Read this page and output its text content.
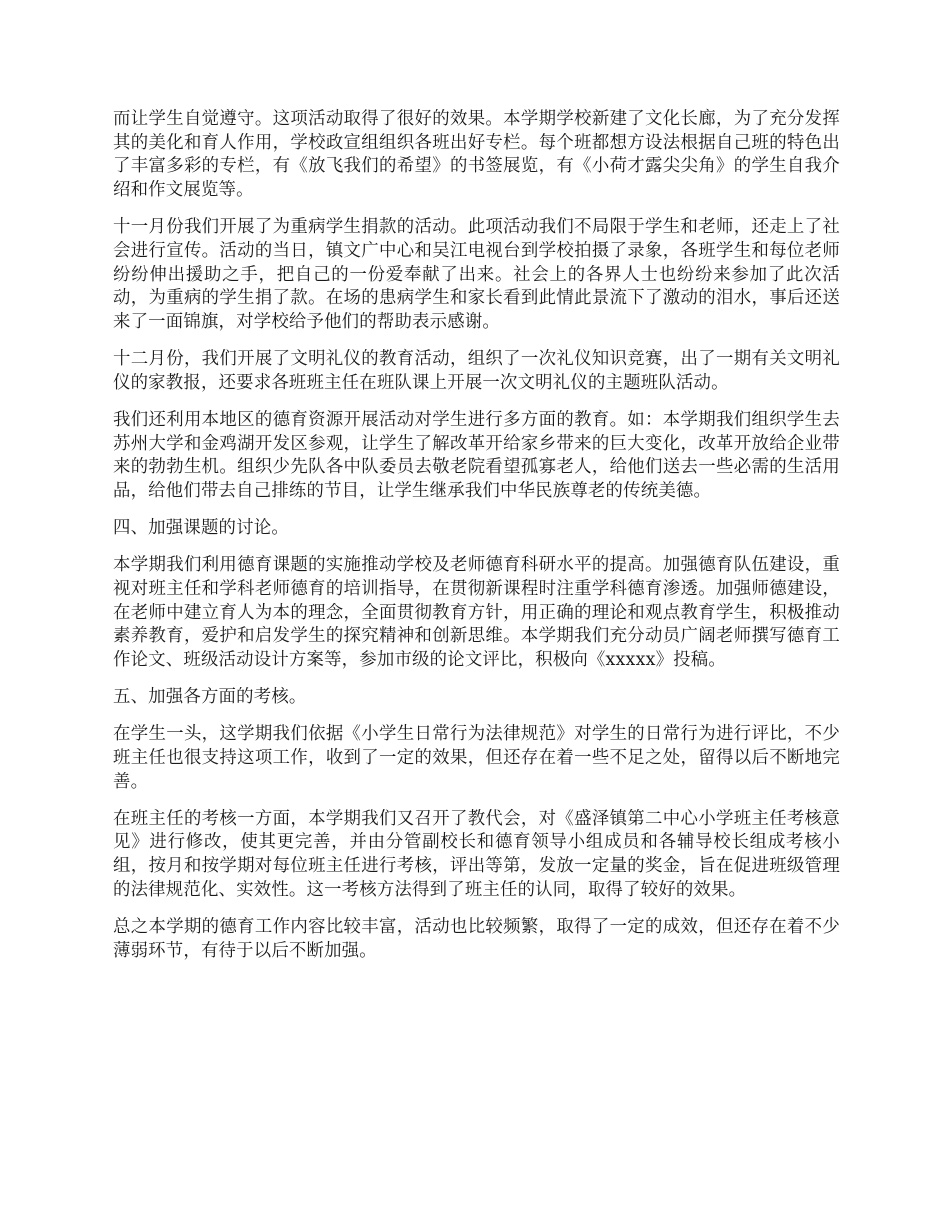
而让学生自觉遵守。这项活动取得了很好的效果。本学期学校新建了文化长廊，为了充分发挥其的美化和育人作用，学校政宣组组织各班出好专栏。每个班都想方设法根据自己班的特色出了丰富多彩的专栏，有《放飞我们的希望》的书签展览，有《小荷才露尖尖角》的学生自我介绍和作文展览等。

十一月份我们开展了为重病学生捐款的活动。此项活动我们不局限于学生和老师，还走上了社会进行宣传。活动的当日，镇文广中心和吴江电视台到学校拍摄了录象，各班学生和每位老师纷纷伸出援助之手，把自己的一份爱奉献了出来。社会上的各界人士也纷纷来参加了此次活动，为重病的学生捐了款。在场的患病学生和家长看到此情此景流下了激动的泪水，事后还送来了一面锦旗，对学校给予他们的帮助表示感谢。

十二月份，我们开展了文明礼仪的教育活动，组织了一次礼仪知识竞赛，出了一期有关文明礼仪的家教报，还要求各班班主任在班队课上开展一次文明礼仪的主题班队活动。

我们还利用本地区的德育资源开展活动对学生进行多方面的教育。如：本学期我们组织学生去苏州大学和金鸡湖开发区参观，让学生了解改革开给家乡带来的巨大变化，改革开放给企业带来的勃勃生机。组织少先队各中队委员去敬老院看望孤寡老人，给他们送去一些必需的生活用品，给他们带去自己排练的节目，让学生继承我们中华民族尊老的传统美德。

四、加强课题的讨论。

本学期我们利用德育课题的实施推动学校及老师德育科研水平的提高。加强德育队伍建设，重视对班主任和学科老师德育的培训指导，在贯彻新课程时注重学科德育渗透。加强师德建设，在老师中建立育人为本的理念，全面贯彻教育方针，用正确的理论和观点教育学生，积极推动素养教育，爱护和启发学生的探究精神和创新思维。本学期我们充分动员广阔老师撰写德育工作论文、班级活动设计方案等，参加市级的论文评比，积极向《xxxxx》投稿。

五、加强各方面的考核。

在学生一头，这学期我们依据《小学生日常行为法律规范》对学生的日常行为进行评比，不少班主任也很支持这项工作，收到了一定的效果，但还存在着一些不足之处，留得以后不断地完善。

在班主任的考核一方面，本学期我们又召开了教代会，对《盛泽镇第二中心小学班主任考核意见》进行修改，使其更完善，并由分管副校长和德育领导小组成员和各辅导校长组成考核小组，按月和按学期对每位班主任进行考核，评出等第，发放一定量的奖金，旨在促进班级管理的法律规范化、实效性。这一考核方法得到了班主任的认同，取得了较好的效果。

总之本学期的德育工作内容比较丰富，活动也比较频繁，取得了一定的成效，但还存在着不少薄弱环节，有待于以后不断加强。
